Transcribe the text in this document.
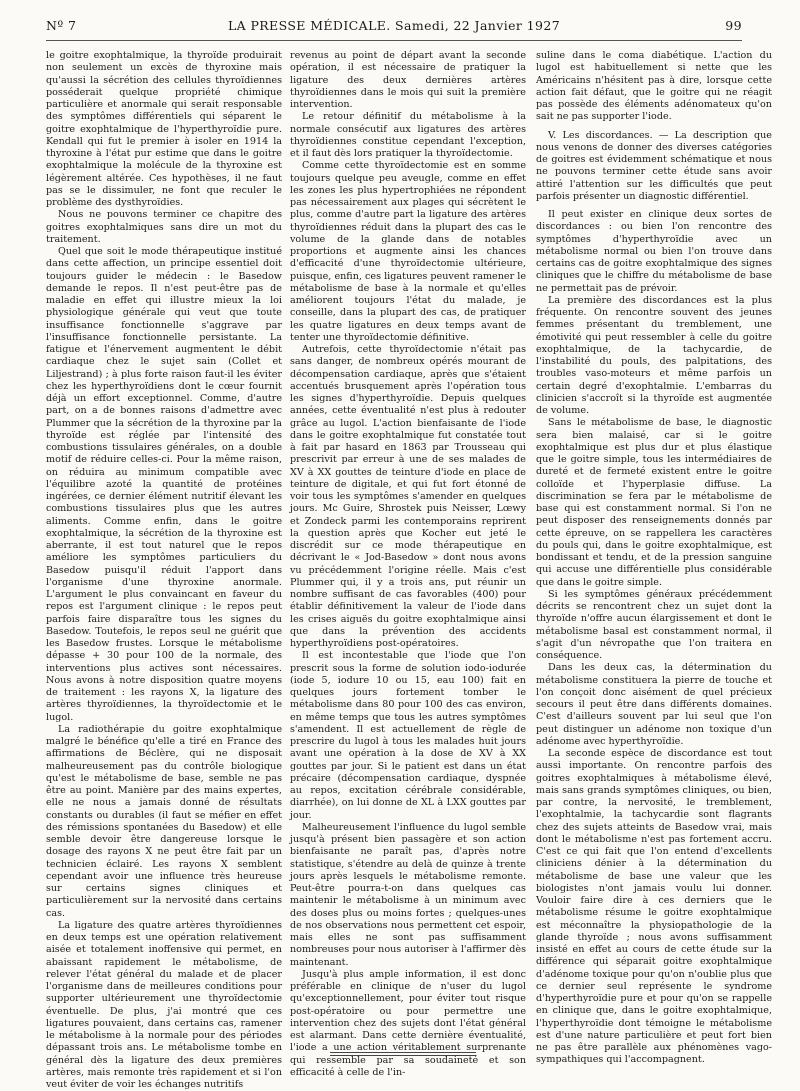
Nº 7	LA PRESSE MÉDICALE. Samedi, 22 Janvier 1927	99

le goitre exophtalmique, la thyroïde produirait non seulement un excès de thyroxine mais qu'aussi la sécrétion des cellules thyroïdiennes posséderait quelque propriété chimique particulière et anormale qui serait responsable des symptômes différentiels qui séparent le goitre exophtalmique de l'hyperthyroïdie pure. Kendall qui fut le premier à isoler en 1914 la thyroxine à l'état pur estime que dans le goitre exophtalmique la molécule de la thyroxine est légèrement altérée. Ces hypothèses, il ne faut pas se le dissimuler, ne font que reculer le problème des dysthyroïdies.

Nous ne pouvons terminer ce chapitre des goitres exophtalmiques sans dire un mot du traitement.

Quel que soit le mode thérapeutique institué dans cette affection, un principe essentiel doit toujours guider le médecin : le Basedow demande le repos. Il n'est peut-être pas de maladie en effet qui illustre mieux la loi physiologique générale qui veut que toute insuffisance fonctionnelle s'aggrave par l'insuffisance fonctionnelle persistante. La fatigue et l'énervement augmentent le débit cardiaque chez le sujet sain (Collet et Liljestrand) ; à plus forte raison faut-il les éviter chez les hyperthyroïdiens dont le cœur fournit déjà un effort exceptionnel. Comme, d'autre part, on a de bonnes raisons d'admettre avec Plummer que la sécrétion de la thyroxine par la thyroïde est réglée par l'intensité des combustions tissulaires générales, on a double motif de réduire celles-ci. Pour la même raison, on réduira au minimum compatible avec l'équilibre azoté la quantité de protéines ingérées, ce dernier élément nutritif élevant les combustions tissulaires plus que les autres aliments. Comme enfin, dans le goitre exophtalmique, la sécrétion de la thyroxine est aberrante, il est tout naturel que le repos améliore les symptômes particuliers du Basedow puisqu'il réduit l'apport dans l'organisme d'une thyroxine anormale. L'argument le plus convaincant en faveur du repos est l'argument clinique : le repos peut parfois faire disparaître tous les signes du Basedow. Toutefois, le repos seul ne guérit que les Basedow frustes. Lorsque le métabolisme dépasse + 30 pour 100 de la normale, des interventions plus actives sont nécessaires. Nous avons à notre disposition quatre moyens de traitement : les rayons X, la ligature des artères thyroïdiennes, la thyroïdectomie et le lugol.

La radiothérapie du goitre exophtalmique malgré le bénéfice qu'elle a tiré en France des affirmations de Béclère, qui ne disposait malheureusement pas du contrôle biologique qu'est le métabolisme de base, semble ne pas être au point. Manière par des mains expertes, elle ne nous a jamais donné de résultats constants ou durables (il faut se méfier en effet des rémissions spontanées du Basedow) et elle semble devoir être dangereuse lorsque le dosage des rayons X ne peut être fait par un technicien éclairé. Les rayons X semblent cependant avoir une influence très heureuse sur certains signes cliniques et particulièrement sur la nervosité dans certains cas.

La ligature des quatre artères thyroïdiennes en deux temps est une opération relativement aisée et totalement inoffensive qui permet, en abaissant rapidement le métabolisme, de relever l'état général du malade et de placer l'organisme dans de meilleures conditions pour supporter ultérieurement une thyroïdectomie éventuelle. De plus, j'ai montré que ces ligatures pouvaient, dans certains cas, ramener le métabolisme à la normale pour des périodes dépassant trois ans. Le métabolisme tombe en général dès la ligature des deux premières artères, mais remonte très rapidement et si l'on veut éviter de voir les échanges nutritifs

revenus au point de départ avant la seconde opération, il est nécessaire de pratiquer la ligature des deux dernières artères thyroïdiennes dans le mois qui suit la première intervention.

Le retour définitif du métabolisme à la normale consécutif aux ligatures des artères thyroïdiennes constitue cependant l'exception, et il faut dès lors pratiquer la thyroïdectomie.

Comme cette thyroïdectomie est en somme toujours quelque peu aveugle, comme en effet les zones les plus hypertrophiées ne répondent pas nécessairement aux plages qui sécrètent le plus, comme d'autre part la ligature des artères thyroïdiennes réduit dans la plupart des cas le volume de la glande dans de notables proportions et augmente ainsi les chances d'efficacité d'une thyroïdectomie ultérieure, puisque, enfin, ces ligatures peuvent ramener le métabolisme de base à la normale et qu'elles améliorent toujours l'état du malade, je conseille, dans la plupart des cas, de pratiquer les quatre ligatures en deux temps avant de tenter une thyroïdectomie définitive.

Autrefois, cette thyroïdectomie n'était pas sans danger, de nombreux opérés mourant de décompensation cardiaque, après que s'étaient accentués brusquement après l'opération tous les signes d'hyperthyroïdie. Depuis quelques années, cette éventualité n'est plus à redouter grâce au lugol. L'action bienfaisante de l'iode dans le goitre exophtalmique fut constatée tout à fait par hasard en 1863 par Trousseau qui prescrivit par erreur à une de ses malades de XV à XX gouttes de teinture d'iode en place de teinture de digitale, et qui fut fort étonné de voir tous les symptômes s'amender en quelques jours. Mc Guire, Shrostek puis Neisser, Lœwy et Zondeck parmi les contemporains reprirent la question après que Kocher eut jeté le discrédit sur ce mode thérapeutique en décrivant le « Jod-Basedow » dont nous avons vu précédemment l'origine réelle. Mais c'est Plummer qui, il y a trois ans, put réunir un nombre suffisant de cas favorables (400) pour établir définitivement la valeur de l'iode dans les crises aiguës du goitre exophtalmique ainsi que dans la prévention des accidents hyperthyroïdiens post-opératoires.

Il est incontestable que l'iode que l'on prescrit sous la forme de solution iodo-iodurée (iode 5, iodure 10 ou 15, eau 100) fait en quelques jours fortement tomber le métabolisme dans 80 pour 100 des cas environ, en même temps que tous les autres symptômes s'amendent. Il est actuellement de règle de prescrire du lugol à tous les malades huit jours avant une opération à la dose de XV à XX gouttes par jour. Si le patient est dans un état précaire (décompensation cardiaque, dyspnée au repos, excitation cérébrale considérable, diarrhée), on lui donne de XL à LXX gouttes par jour.

Malheureusement l'influence du lugol semble jusqu'à présent bien passagère et son action bienfaisante ne paraît pas, d'après notre statistique, s'étendre au delà de quinze à trente jours après lesquels le métabolisme remonte. Peut-être pourra-t-on dans quelques cas maintenir le métabolisme à un minimum avec des doses plus ou moins fortes ; quelques-unes de nos observations nous permettent cet espoir, mais elles ne sont pas suffisamment nombreuses pour nous autoriser à l'affirmer dès maintenant.

Jusqu'à plus ample information, il est donc préférable en clinique de n'user du lugol qu'exceptionnellement, pour éviter tout risque post-opératoire ou pour permettre une intervention chez des sujets dont l'état général est alarmant. Dans cette dernière éventualité, l'iode a une action véritablement surprenante qui ressemble par sa soudaineté et son efficacité à celle de l'in-

suline dans le coma diabétique. L'action du lugol est habituellement si nette que les Américains n'hésitent pas à dire, lorsque cette action fait défaut, que le goitre qui ne réagit pas possède des éléments adénomateux qu'on sait ne pas supporter l'iode.

V. Les discordances. — La description que nous venons de donner des diverses catégories de goitres est évidemment schématique et nous ne pouvons terminer cette étude sans avoir attiré l'attention sur les difficultés que peut parfois présenter un diagnostic différentiel.

Il peut exister en clinique deux sortes de discordances : ou bien l'on rencontre des symptômes d'hyperthyroïdie avec un métabolisme normal ou bien l'on trouve dans certains cas de goitre exophtalmique des signes cliniques que le chiffre du métabolisme de base ne permettait pas de prévoir.

La première des discordances est la plus fréquente. On rencontre souvent des jeunes femmes présentant du tremblement, une émotivité qui peut ressembler à celle du goitre exophtalmique, de la tachycardie, de l'instabilité du pouls, des palpitations, des troubles vaso-moteurs et même parfois un certain degré d'exophtalmie. L'embarras du clinicien s'accroît si la thyroïde est augmentée de volume.

Sans le métabolisme de base, le diagnostic sera bien malaisé, car si le goitre exophtalmique est plus dur et plus élastique que le goitre simple, tous les intermédiaires de dureté et de fermeté existent entre le goitre colloïde et l'hyperplasie diffuse. La discrimination se fera par le métabolisme de base qui est constamment normal. Si l'on ne peut disposer des renseignements donnés par cette épreuve, on se rappellera les caractères du pouls qui, dans le goitre exophtalmique, est bondissant et tendu, et de la pression sanguine qui accuse une différentielle plus considérable que dans le goitre simple.

Si les symptômes généraux précédemment décrits se rencontrent chez un sujet dont la thyroïde n'offre aucun élargissement et dont le métabolisme basal est constamment normal, il s'agit d'un névropathe que l'on traitera en conséquence.

Dans les deux cas, la détermination du métabolisme constituera la pierre de touche et l'on conçoit donc aisément de quel précieux secours il peut être dans différents domaines. C'est d'ailleurs souvent par lui seul que l'on peut distinguer un adénome non toxique d'un adénome avec hyperthyroïdie.

La seconde espèce de discordance est tout aussi importante. On rencontre parfois des goitres exophtalmiques à métabolisme élevé, mais sans grands symptômes cliniques, ou bien, par contre, la nervosité, le tremblement, l'exophtalmie, la tachycardie sont flagrants chez des sujets atteints de Basedow vrai, mais dont le métabolisme n'est pas fortement accru. C'est ce qui fait que l'on entend d'excellents cliniciens dénier à la détermination du métabolisme de base une valeur que les biologistes n'ont jamais voulu lui donner. Vouloir faire dire à ces derniers que le métabolisme résume le goitre exophtalmique est méconnaître la physiopathologie de la glande thyroïde ; nous avons suffisamment insisté en effet au cours de cette étude sur la différence qui séparait goitre exophtalmique d'adénome toxique pour qu'on n'oublie plus que ce dernier seul représente le syndrome d'hyperthyroïdie pure et pour qu'on se rappelle en clinique que, dans le goitre exophtalmique, l'hyperthyroïdie dont témoigne le métabolisme est d'une nature particulière et peut fort bien ne pas être parallèle aux phénomènes vago-sympathiques qui l'accompagnent.
